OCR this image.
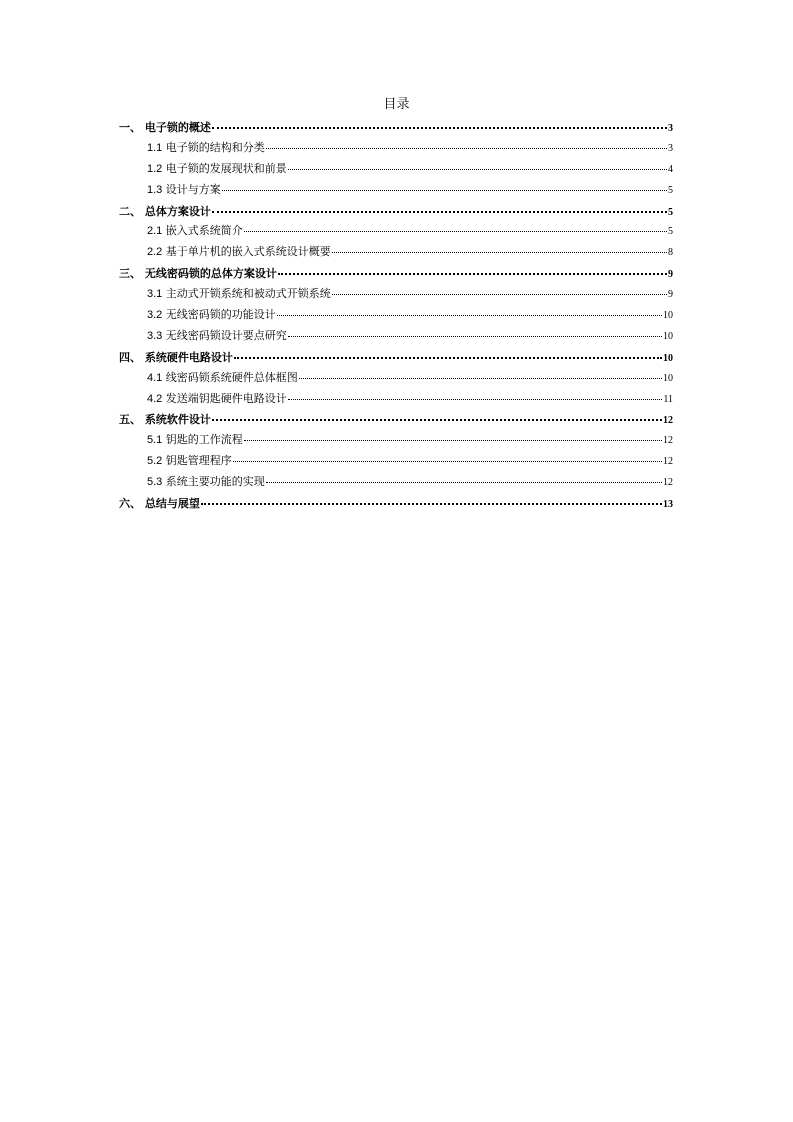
目录
一、 电子锁的概述	3
1.1 电子锁的结构和分类	3
1.2 电子锁的发展现状和前景	4
1.3 设计与方案	5
二、 总体方案设计	5
2.1 嵌入式系统简介	5
2.2 基于单片机的嵌入式系统设计概要	8
三、 无线密码锁的总体方案设计	9
3.1 主动式开锁系统和被动式开锁系统	9
3.2 无线密码锁的功能设计	10
3.3 无线密码锁设计要点研究	10
四、 系统硬件电路设计	10
4.1 线密码锁系统硬件总体框图	10
4.2 发送端钥匙硬件电路设计	11
五、 系统软件设计	12
5.1 钥匙的工作流程	12
5.2 钥匙管理程序	12
5.3 系统主要功能的实现	12
六、 总结与展望	13
